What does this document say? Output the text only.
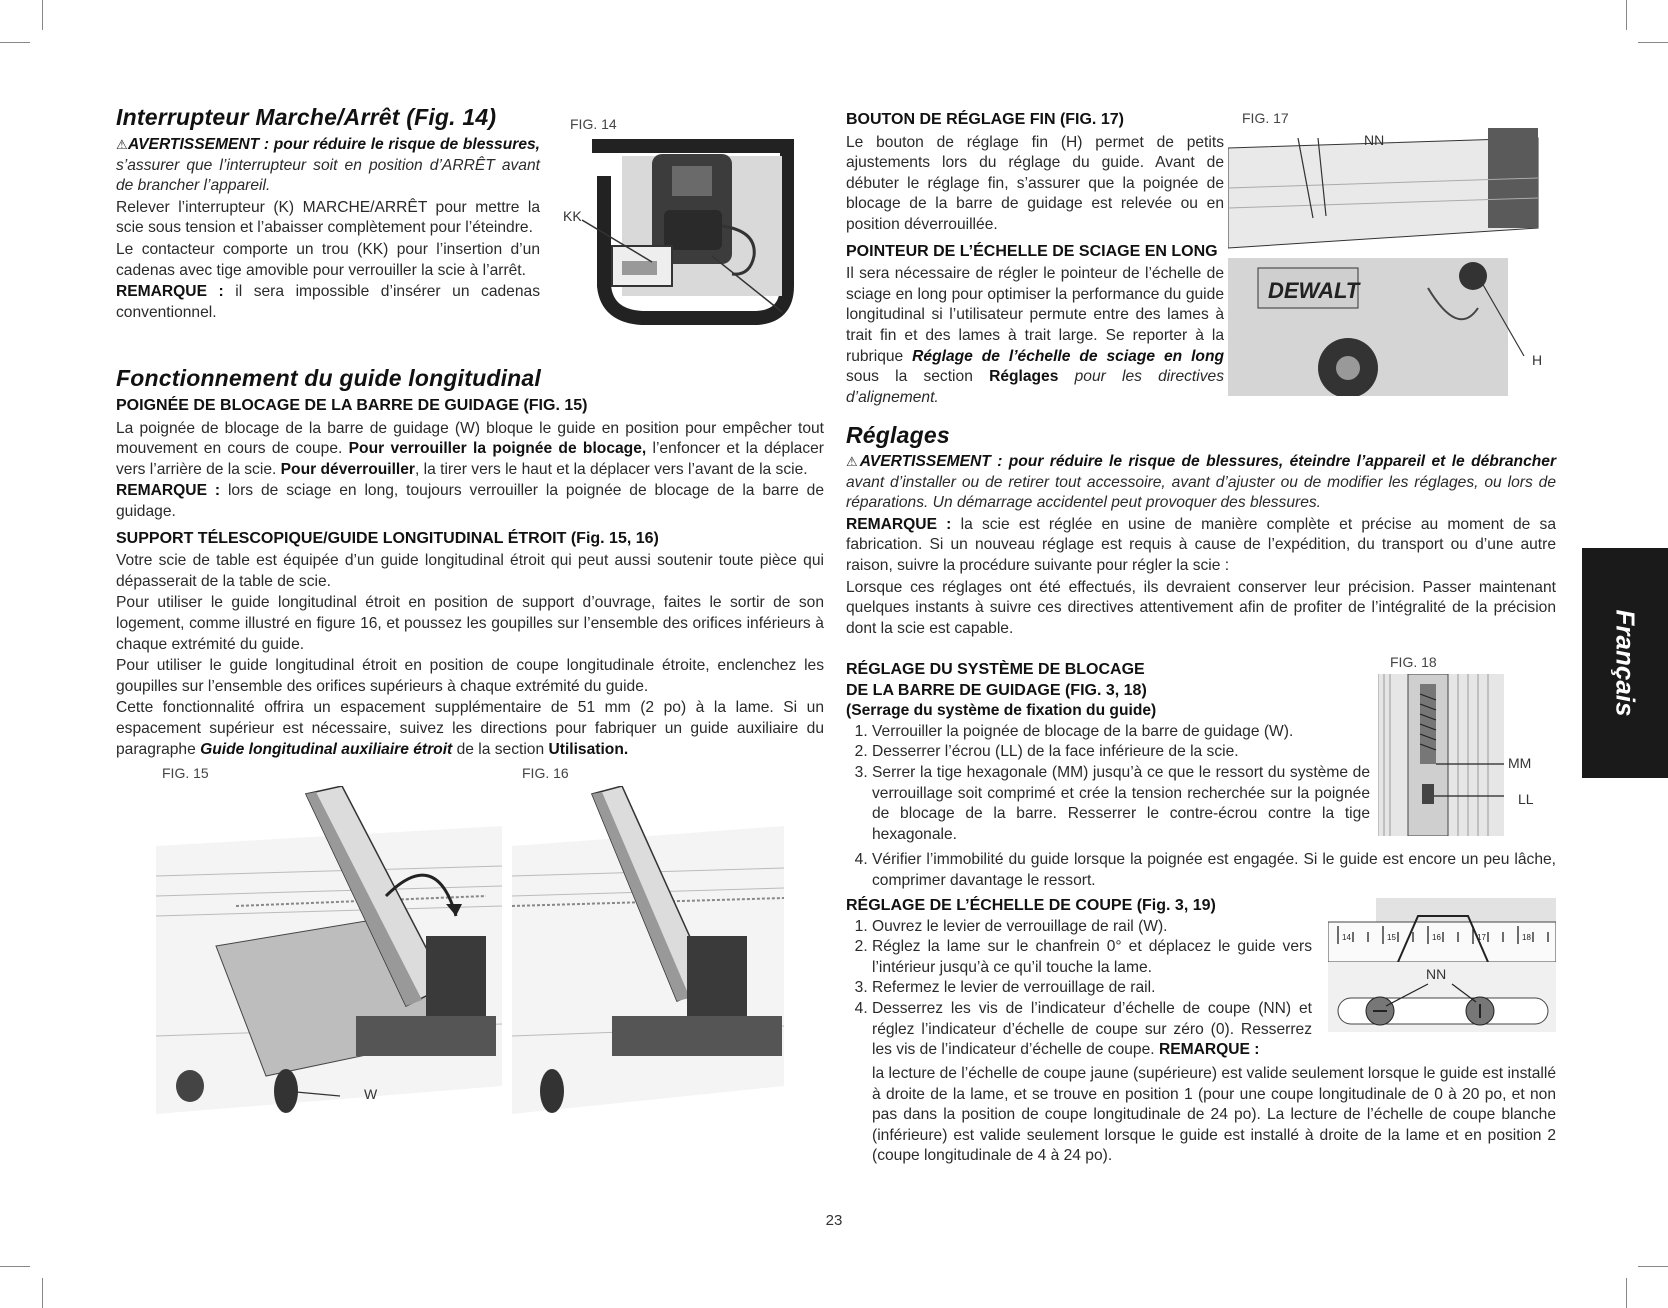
Interrupteur Marche/Arrêt (Fig. 14)	FIG. 14

⚠AVERTISSEMENT : pour réduire le risque de blessures, s’assurer que l’interrupteur soit en position d’ARRÊT avant de brancher l’appareil.

Relever l’interrupteur (K) MARCHE/ARRÊT pour mettre la scie sous tension et l’abaisser complètement pour l’éteindre.

Le contacteur comporte un trou (KK) pour l’insertion d’un cadenas avec tige amovible pour verrouiller la scie à l’arrêt.

REMARQUE : il sera impossible d’insérer un cadenas conventionnel.

KK
Fonctionnement du guide longitudinal
POIGNÉE DE BLOCAGE DE LA BARRE DE GUIDAGE (FIG. 15)

La poignée de blocage de la barre de guidage (W) bloque le guide en position pour empêcher tout mouvement en cours de coupe. Pour verrouiller la poignée de blocage, l’enfoncer et la déplacer vers l’arrière de la scie. Pour déverrouiller, la tirer vers le haut et la déplacer vers l’avant de la scie.

REMARQUE : lors de sciage en long, toujours verrouiller la poignée de blocage de la barre de guidage.

SUPPORT TÉLESCOPIQUE/GUIDE LONGITUDINAL ÉTROIT (Fig. 15, 16)

Votre scie de table est équipée d’un guide longitudinal étroit qui peut aussi soutenir toute pièce qui dépasserait de la table de scie.

Pour utiliser le guide longitudinal étroit en position de support d’ouvrage, faites le sortir de son logement, comme illustré en figure 16, et poussez les goupilles sur l’ensemble des orifices inférieurs à chaque extrémité du guide.

Pour utiliser le guide longitudinal étroit en position de coupe longitudinale étroite, enclenchez les goupilles sur l’ensemble des orifices supérieurs à chaque extrémité du guide.

Cette fonctionnalité offrira un espacement supplémentaire de 51 mm (2 po) à la lame. Si un espacement supérieur est nécessaire, suivez les directions pour fabriquer un guide auxiliaire du paragraphe Guide longitudinal auxiliaire étroit de la section Utilisation.

FIG. 15
W
FIG. 16
BOUTON DE RÉGLAGE FIN (FIG. 17)

Le bouton de réglage fin (H) permet de petits ajustements lors du réglage du guide. Avant de débuter le réglage fin, s’assurer que la poignée de blocage de la barre de guidage est relevée ou en position déverrouillée.

POINTEUR DE L’ÉCHELLE DE SCIAGE EN LONG

Il sera nécessaire de régler le pointeur de l’échelle de sciage en long pour optimiser la performance du guide longitudinal si l’utilisateur permute entre des lames à trait fin et des lames à trait large. Se reporter à la rubrique Réglage de l’échelle de sciage en long sous la section Réglages pour les directives d’alignement.

FIG. 17
DEWALT
NN
H
Réglages

⚠AVERTISSEMENT : pour réduire le risque de blessures, éteindre l’appareil et le débrancher avant d’installer ou de retirer tout accessoire, avant d’ajuster ou de modifier les réglages, ou lors de réparations. Un démarrage accidentel peut provoquer des blessures.

REMARQUE : la scie est réglée en usine de manière complète et précise au moment de sa fabrication. Si un nouveau réglage est requis à cause de l’expédition, du transport ou d’une autre raison, suivre la procédure suivante pour régler la scie :

Lorsque ces réglages ont été effectués, ils devraient conserver leur précision. Passer maintenant quelques instants à suivre ces directives attentivement afin de profiter de l’intégralité de la précision dont la scie est capable.

RÉGLAGE DU SYSTÈME DE BLOCAGE
DE LA BARRE DE GUIDAGE (FIG. 3, 18)
(Serrage du système de fixation du guide)
1. Verrouiller la poignée de blocage de la barre de guidage (W).
2. Desserrer l’écrou (LL) de la face inférieure de la scie.
3. Serrer la tige hexagonale (MM) jusqu’à ce que le ressort du système de verrouillage soit comprimé et crée la tension recherchée sur la poignée de blocage de la barre. Resserrer le contre-écrou contre la tige hexagonale.
4. Vérifier l’immobilité du guide lorsque la poignée est engagée. Si le guide est encore un peu lâche, comprimer davantage le ressort.
FIG. 18
MM
LL
RÉGLAGE DE L’ÉCHELLE DE COUPE (Fig. 3, 19)
1. Ouvrez le levier de verrouillage de rail (W).
2. Réglez la lame sur le chanfrein 0° et déplacez le guide vers l’intérieur jusqu’à ce qu’il touche la lame.
3. Refermez le levier de verrouillage de rail.
4. Desserrez les vis de l’indicateur d’échelle de coupe (NN) et réglez l’indicateur d’échelle de coupe sur zéro (0). Resserrez les vis de l’indicateur d’échelle de coupe. REMARQUE :

la lecture de l’échelle de coupe jaune (supérieure) est valide seulement lorsque le guide est installé à droite de la lame, et se trouve en position 1 (pour une coupe longitudinale de 0 à 20 po, et non pas dans la position de coupe longitudinale de 24 po). La lecture de l’échelle de coupe blanche (inférieure) est valide seulement lorsque le guide est installé à droite de la lame et en position 2 (coupe longitudinale de 4 à 24 po).

14	15	16	17	18
NN
Français
23
